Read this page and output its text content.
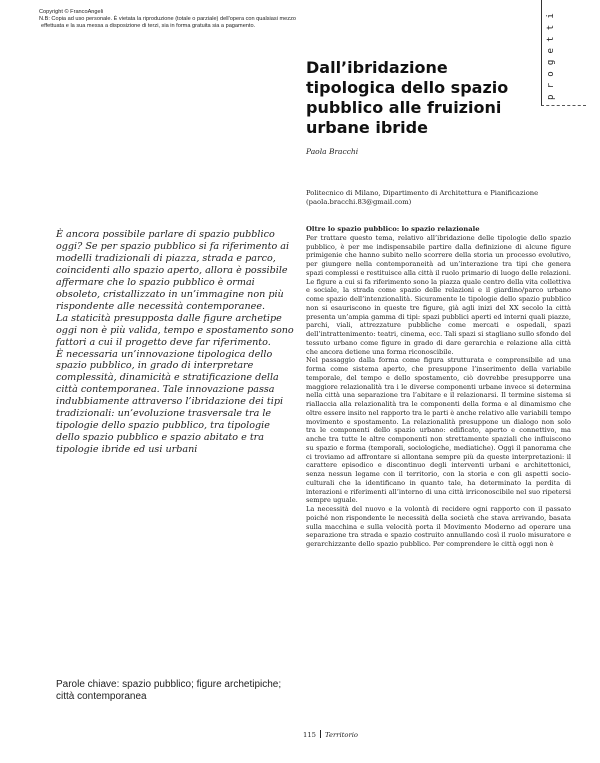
Copyright © FrancoAngeli
N.B: Copia ad uso personale. È vietata la riproduzione (totale o parziale) dell'opera con qualsiasi mezzo
effettuata e la sua messa a disposizione di terzi, sia in forma gratuita sia a pagamento.	progetti
Dall’ibridazione tipologica dello spazio pubblico alle fruizioni urbane ibride
Paola Bracchi
Politecnico di Milano, Dipartimento di Architettura e Pianificazione (paola.bracchi.83@gmail.com)

È ancora possibile parlare di spazio pubblico oggi? Se per spazio pubblico si fa riferimento ai modelli tradizionali di piazza, strada e parco, coincidenti allo spazio aperto, allora è possibile affermare che lo spazio pubblico è ormai obsoleto, cristallizzato in un’immagine non più rispondente alle necessità contemporanee.

La staticità presupposta dalle figure archetipe oggi non è più valida, tempo e spostamento sono fattori a cui il progetto deve far riferimento.

È necessaria un’innovazione tipologica dello spazio pubblico, in grado di interpretare complessità, dinamicità e stratificazione della città contemporanea. Tale innovazione passa indubbiamente attraverso l’ibridazione dei tipi tradizionali: un’evoluzione trasversale tra le tipologie dello spazio pubblico, tra tipologie dello spazio pubblico e spazio abitato e tra tipologie ibride ed usi urbani

Parole chiave: spazio pubblico; figure archetipiche; città contemporanea
Oltre lo spazio pubblico: lo spazio relazionale

Per trattare questo tema, relativo all’ibridazione delle tipologie dello spazio pubblico, è per me indispensabile partire dalla definizione di alcune figure primigenie che hanno subito nello scorrere della storia un processo evolutivo, per giungere nella contemporaneità ad un’interazione tra tipi che genera spazi complessi e restituisce alla città il ruolo primario di luogo delle relazioni. Le figure a cui si fa riferimento sono la piazza quale centro della vita collettiva e sociale, la strada come spazio delle relazioni e il giardino/parco urbano come spazio dell’intenzionalità. Sicuramente le tipologie dello spazio pubblico non si esauriscono in queste tre figure, già agli inizi del XX secolo la città presenta un’ampia gamma di tipi: spazi pubblici aperti ed interni quali piazze, parchi, viali, attrezzature pubbliche come mercati e ospedali, spazi dell’intrattenimento: teatri, cinema, ecc. Tali spazi si stagliano sullo sfondo del tessuto urbano come figure in grado di dare gerarchia e relazione alla città che ancora detiene una forma riconoscibile.

Nel passaggio dalla forma come figura strutturata e comprensibile ad una forma come sistema aperto, che presuppone l’inserimento della variabile temporale, del tempo e dello spostamento, ciò dovrebbe presupporre una maggiore relazionalità tra i le diverse componenti urbane invece si determina nella città una separazione tra l’abitare e il relazionarsi. Il termine sistema si riallaccia alla relazionalità tra le componenti della forma e al dinamismo che oltre essere insito nel rapporto tra le parti è anche relativo alle variabili tempo movimento e spostamento. La relazionalità presuppone un dialogo non solo tra le componenti dello spazio urbano: edificato, aperto e connettivo, ma anche tra tutte le altre componenti non strettamente spaziali che influiscono su spazio e forma (temporali, sociologiche, mediatiche). Oggi il panorama che ci troviamo ad affrontare si allontana sempre più da queste interpretazioni: il carattere episodico e discontinuo degli interventi urbani e architettonici, senza nessun legame con il territorio, con la storia e con gli aspetti socio-culturali che la identificano in quanto tale, ha determinato la perdita di interazioni e riferimenti all’interno di una città irriconoscibile nel suo ripetersi sempre uguale.

La necessità del nuovo e la volontà di recidere ogni rapporto con il passato poiché non rispondente le necessità della società che stava arrivando, basata sulla macchina e sulla velocità porta il Movimento Moderno ad operare una separazione tra strada e spazio costruito annullando così il ruolo misuratore e gerarchizzante dello spazio pubblico. Per comprendere le città oggi non è

115 Territorio
